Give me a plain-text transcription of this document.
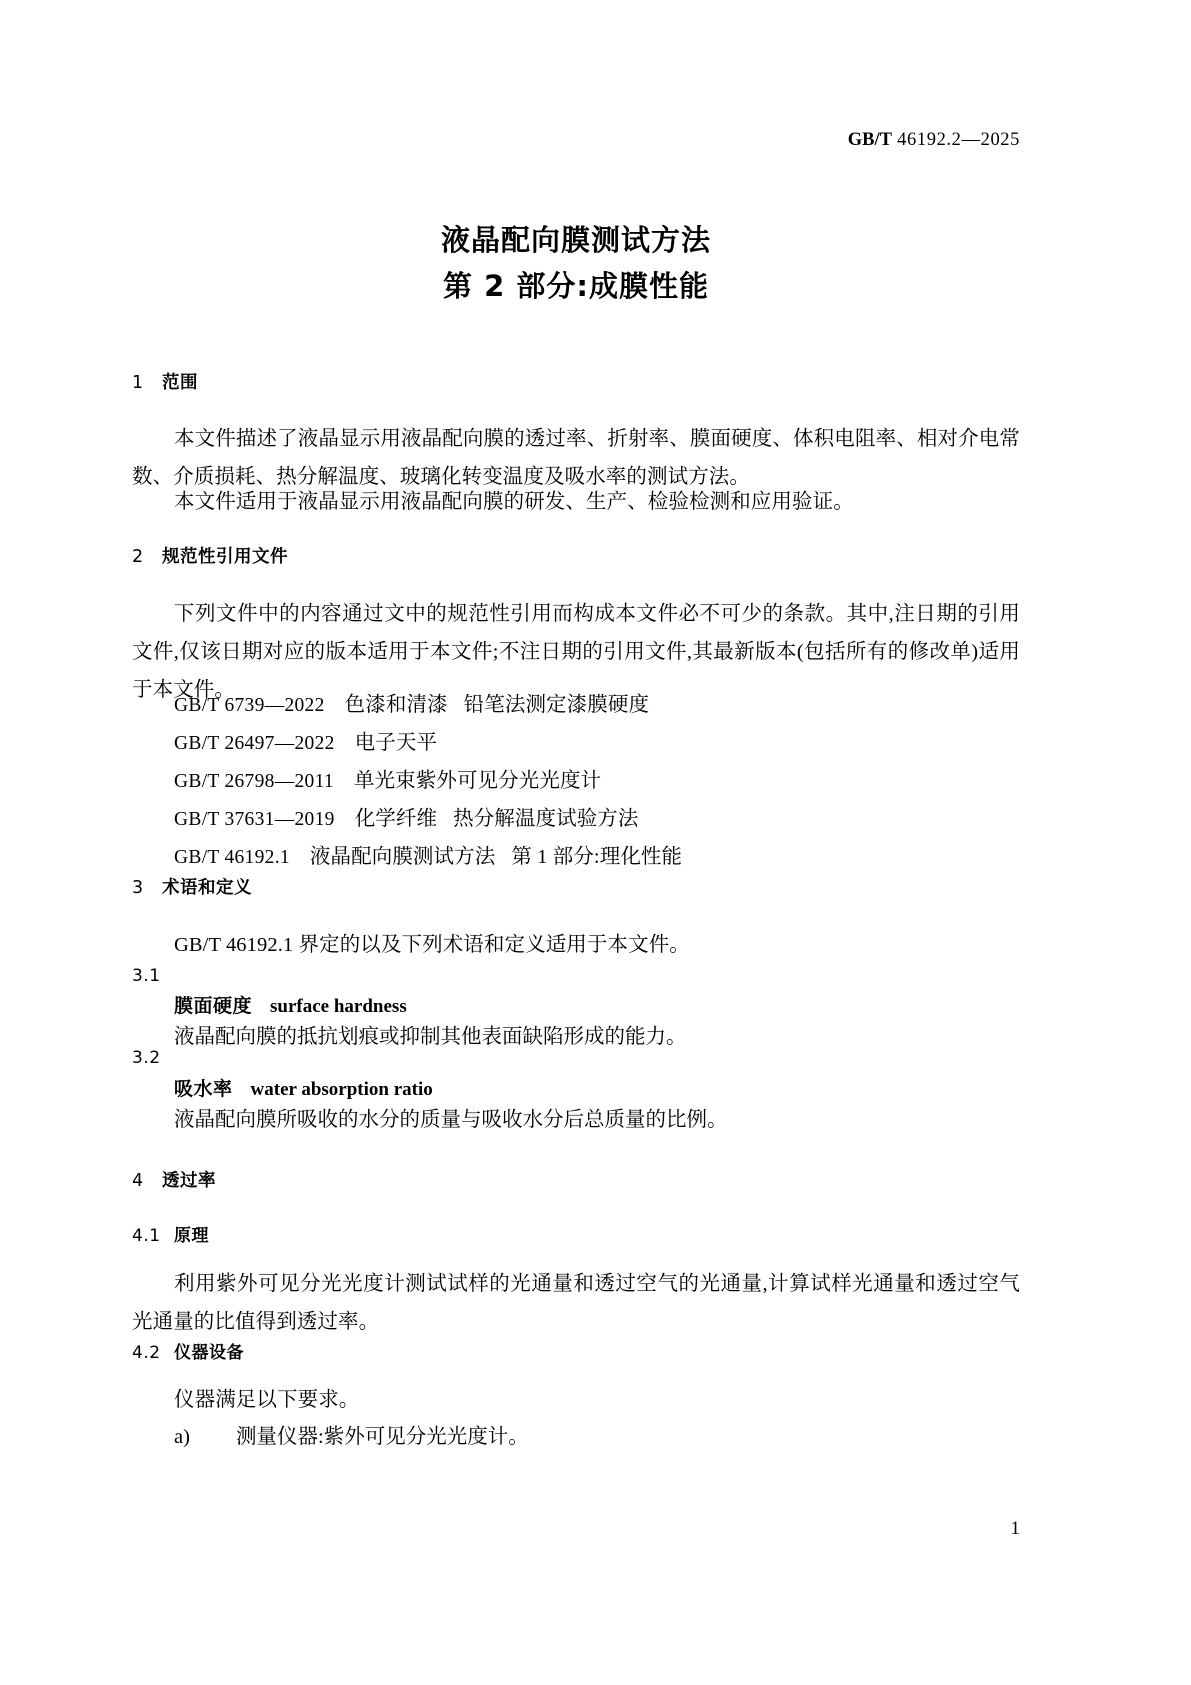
GB/T 46192.2—2025
液晶配向膜测试方法
第 2 部分:成膜性能
1 范围
本文件描述了液晶显示用液晶配向膜的透过率、折射率、膜面硬度、体积电阻率、相对介电常数、介质损耗、热分解温度、玻璃化转变温度及吸水率的测试方法。
本文件适用于液晶显示用液晶配向膜的研发、生产、检验检测和应用验证。
2 规范性引用文件
下列文件中的内容通过文中的规范性引用而构成本文件必不可少的条款。其中,注日期的引用文件,仅该日期对应的版本适用于本文件;不注日期的引用文件,其最新版本(包括所有的修改单)适用于本文件。
GB/T 6739—2022 色漆和清漆 铅笔法测定漆膜硬度
GB/T 26497—2022 电子天平
GB/T 26798—2011 单光束紫外可见分光光度计
GB/T 37631—2019 化学纤维 热分解温度试验方法
GB/T 46192.1 液晶配向膜测试方法 第 1 部分:理化性能
3 术语和定义
GB/T 46192.1 界定的以及下列术语和定义适用于本文件。
3.1
膜面硬度 surface hardness
液晶配向膜的抵抗划痕或抑制其他表面缺陷形成的能力。
3.2
吸水率 water absorption ratio
液晶配向膜所吸收的水分的质量与吸收水分后总质量的比例。
4 透过率
4.1 原理
利用紫外可见分光光度计测试试样的光通量和透过空气的光通量,计算试样光通量和透过空气光通量的比值得到透过率。
4.2 仪器设备
仪器满足以下要求。
a) 测量仪器:紫外可见分光光度计。
1
